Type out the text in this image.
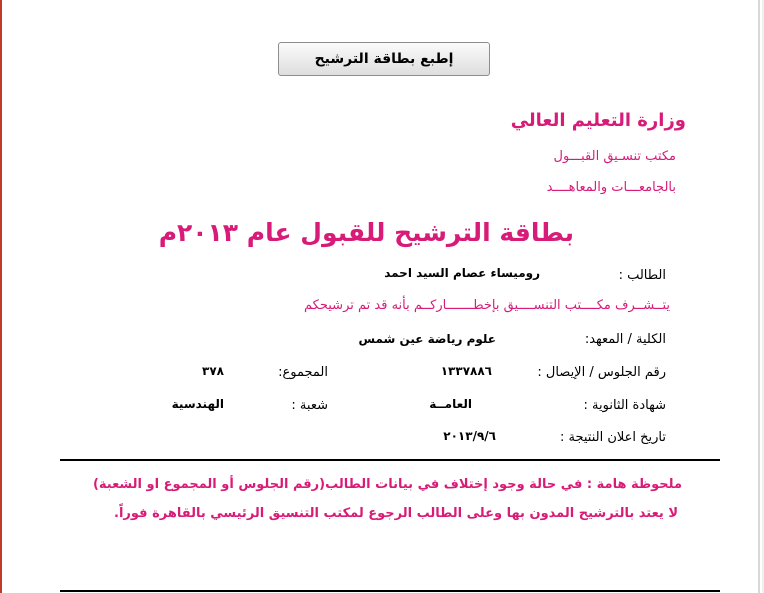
إطبع بطاقة الترشيح
وزارة التعليم العالي
مكتب تنسـيق القبـــول
بالجامعـــات والمعاهــــد
بطاقة الترشيح للقبول عام ٢٠١٣م
الطالب :
روميساء عصام السيد احمد
يتــشــرف مكــــتب التنســــيق بإخطـــــــاركــم بأنه قد تم ترشيحكم
الكلية / المعهد:
علوم رياضة عين شمس
رقم الجلوس / الإيصال :
١٣٣٧٨٨٦
المجموع:
٣٧٨
شهادة الثانوية :
العامــة
شعبة :
الهندسية
تاريخ اعلان النتيجة :
٢٠١٣/٩/٦
ملحوظة هامة : في حالة وجود إختلاف في بيانات الطالب(رقم الجلوس أو المجموع او الشعبة)
لا يعتد بالترشيح المدون بها وعلى الطالب الرجوع لمكتب التنسيق الرئيسي بالقاهرة فوراً.
